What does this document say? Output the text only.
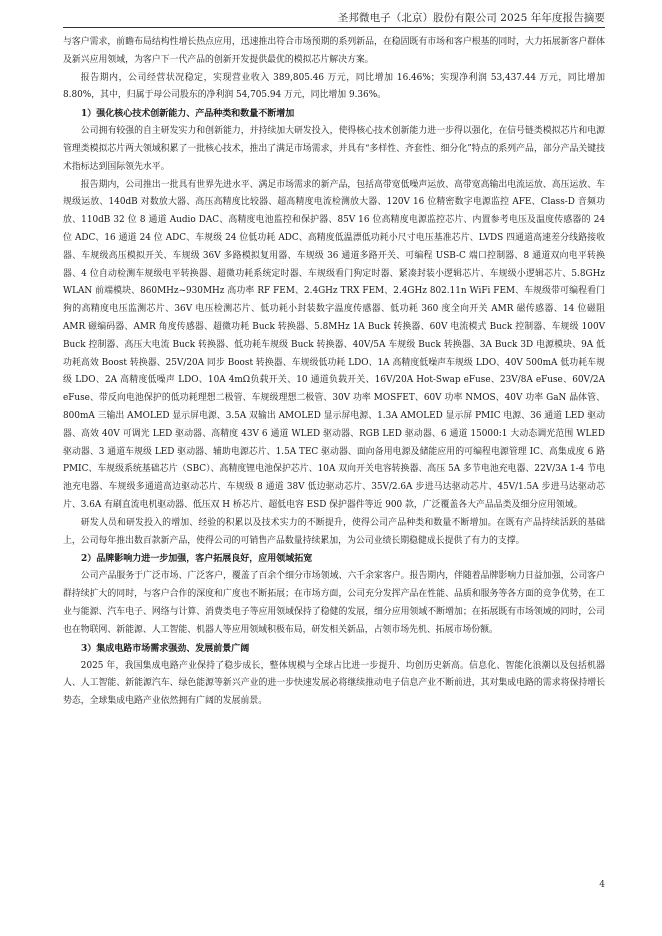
圣邦微电子（北京）股份有限公司 2025 年年度报告摘要

与客户需求，前瞻布局结构性增长热点应用，迅速推出符合市场预期的系列新品，在稳固既有市场和客户根基的同时，大力拓展新客户群体及新兴应用领域，为客户下一代产品的创新开发提供最优的模拟芯片解决方案。

报告期内，公司经营状况稳定，实现营业收入 389,805.46 万元，同比增加 16.46%；实现净利润 53,437.44 万元，同比增加 8.80%，其中，归属于母公司股东的净利润 54,705.94 万元，同比增加 9.36%。

1）强化核心技术创新能力、产品种类和数量不断增加

公司拥有较强的自主研发实力和创新能力，并持续加大研发投入，使得核心技术创新能力进一步得以强化，在信号链类模拟芯片和电源管理类模拟芯片两大领域积累了一批核心技术，推出了满足市场需求，并具有“多样性、齐套性、细分化”特点的系列产品，部分产品关键技术指标达到国际领先水平。

报告期内，公司推出一批具有世界先进水平、满足市场需求的新产品，包括高带宽低噪声运放、高带宽高输出电流运放、高压运放、车规级运放、140dB 对数放大器、高压高精度比较器、超高精度电流检测放大器、120V 16 位精密数字电源监控 AFE、Class-D 音频功放、110dB 32 位 8 通道 Audio DAC、高精度电池监控和保护器、85V 16 位高精度电源监控芯片、内置参考电压及温度传感器的 24 位 ADC、16 通道 24 位 ADC、车规级 24 位低功耗 ADC、高精度低温漂低功耗小尺寸电压基准芯片、LVDS 四通道高速差分线路接收器、车规级高压模拟开关、车规级 36V 多路模拟复用器、车规级 36 通道多路开关、可编程 USB-C 端口控制器、8 通道双向电平转换器、4 位自动检测车规级电平转换器、超微功耗系统定时器、车规级看门狗定时器、紧凑封装小逻辑芯片、车规级小逻辑芯片、5.8GHz WLAN 前端模块、860MHz~930MHz 高功率 RF FEM、2.4GHz TRX FEM、2.4GHz 802.11n WiFi FEM、车规级带可编程看门狗的高精度电压监测芯片、36V 电压检测芯片、低功耗小封装数字温度传感器、低功耗 360 度全向开关 AMR 磁传感器、14 位磁阻 AMR 磁编码器、AMR 角度传感器、超微功耗 Buck 转换器、5.8MHz 1A Buck 转换器、60V 电流模式 Buck 控制器、车规级 100V Buck 控制器、高压大电流 Buck 转换器、低功耗车规级 Buck 转换器、40V/5A 车规级 Buck 转换器、3A Buck 3D 电源模块、9A 低功耗高效 Boost 转换器、25V/20A 同步 Boost 转换器、车规级低功耗 LDO、1A 高精度低噪声车规级 LDO、40V 500mA 低功耗车规级 LDO、2A 高精度低噪声 LDO、10A 4mΩ负载开关、10 通道负载开关、16V/20A Hot-Swap eFuse、23V/8A eFuse、60V/2A eFuse、带反向电池保护的低功耗理想二极管、车规级理想二极管、30V 功率 MOSFET、60V 功率 NMOS、40V 功率 GaN 晶体管、800mA 三输出 AMOLED 显示屏电源、3.5A 双输出 AMOLED 显示屏电源、1.3A AMOLED 显示屏 PMIC 电源、36 通道 LED 驱动器、高效 40V 可调光 LED 驱动器、高精度 43V 6 通道 WLED 驱动器、RGB LED 驱动器、6 通道 15000:1 大动态调光范围 WLED 驱动器、3 通道车规级 LED 驱动器、辅助电源芯片、1.5A TEC 驱动器、面向备用电源及储能应用的可编程电源管理 IC、高集成度 6 路 PMIC、车规级系统基础芯片（SBC）、高精度锂电池保护芯片、10A 双向开关电容转换器、高压 5A 多节电池充电器、22V/3A 1-4 节电池充电器、车规级多通道高边驱动芯片、车规级 8 通道 38V 低边驱动芯片、35V/2.6A 步进马达驱动芯片、45V/1.5A 步进马达驱动芯片、3.6A 有刷直流电机驱动器、低压双 H 桥芯片、超低电容 ESD 保护器件等近 900 款，广泛覆盖各大产品品类及细分应用领域。

研发人员和研发投入的增加、经验的积累以及技术实力的不断提升，使得公司产品种类和数量不断增加。在既有产品持续活跃的基础上，公司每年推出数百款新产品，使得公司的可销售产品数量持续累加，为公司业绩长期稳健成长提供了有力的支撑。

2）品牌影响力进一步加强，客户拓展良好，应用领域拓宽

公司产品服务于广泛市场、广泛客户，覆盖了百余个细分市场领域、六千余家客户。报告期内，伴随着品牌影响力日益加强，公司客户群持续扩大的同时，与客户合作的深度和广度也不断拓展；在市场方面，公司充分发挥产品在性能、品质和服务等各方面的竞争优势，在工业与能源、汽车电子、网络与计算、消费类电子等应用领域保持了稳健的发展，细分应用领域不断增加；在拓展既有市场领域的同时，公司也在物联网、新能源、人工智能、机器人等应用领域积极布局，研发相关新品，占领市场先机、拓展市场份额。

3）集成电路市场需求强劲、发展前景广阔

2025 年，我国集成电路产业保持了稳步成长，整体规模与全球占比进一步提升、均创历史新高。信息化、智能化浪潮以及包括机器人、人工智能、新能源汽车、绿色能源等新兴产业的进一步快速发展必将继续推动电子信息产业不断前进，其对集成电路的需求将保持增长势态，全球集成电路产业依然拥有广阔的发展前景。

4
